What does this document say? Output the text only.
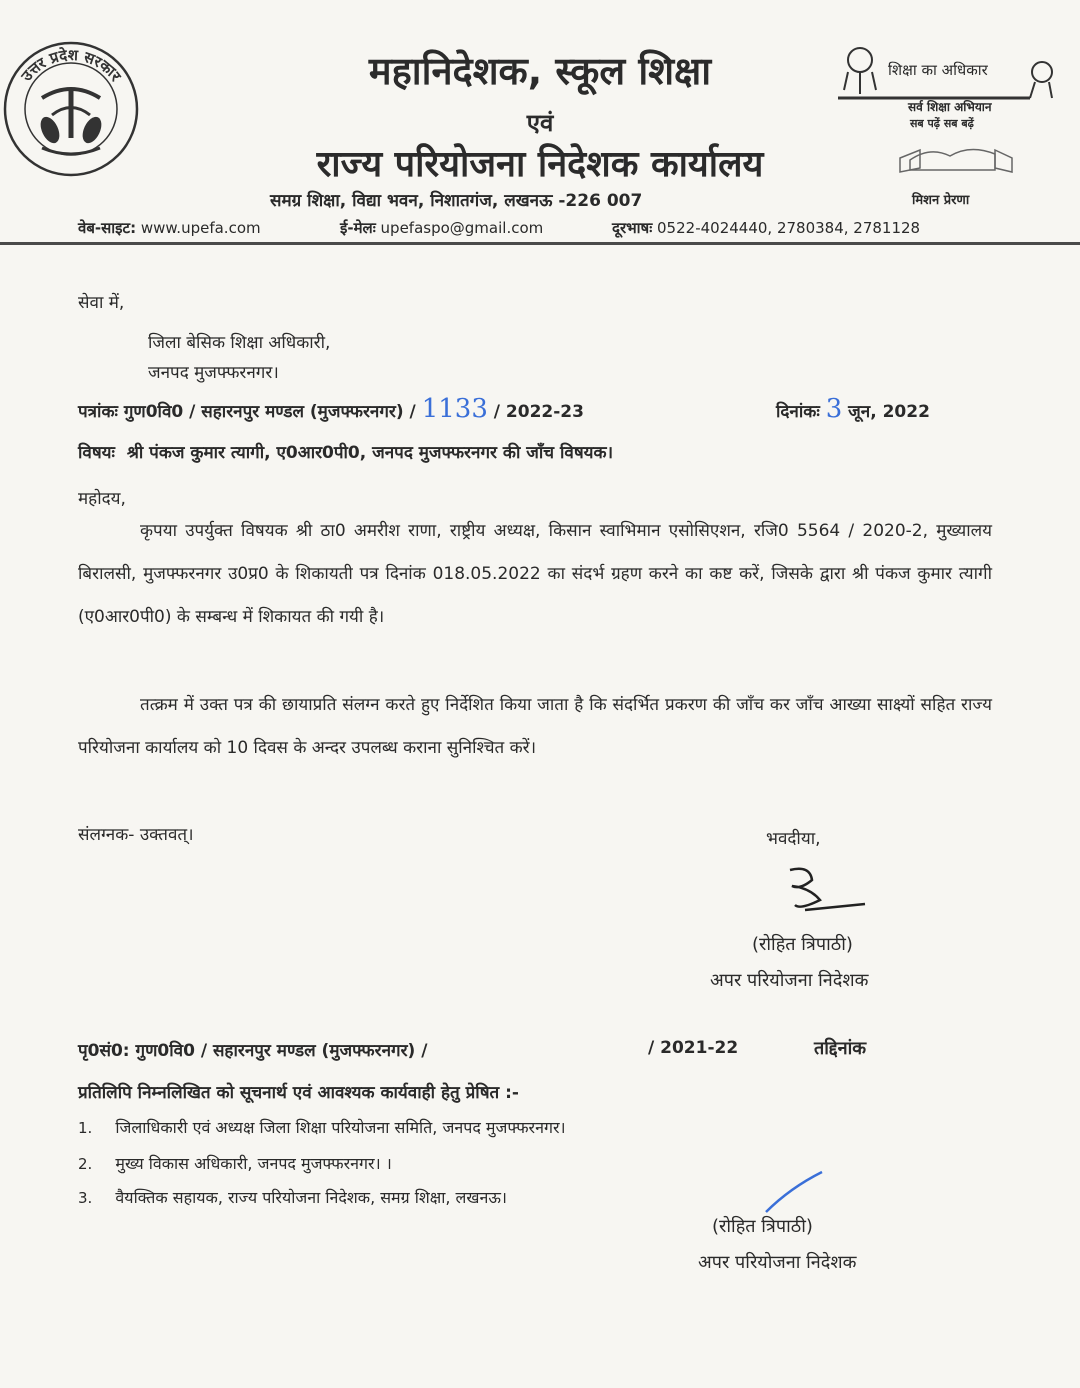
उत्तर प्रदेश सरकार	शिक्षा का अधिकार
सर्व शिक्षा अभियान
सब पढ़ें सब बढ़ें
मिशन प्रेरणा
महानिदेशक, स्कूल शिक्षा
एवं
राज्य परियोजना निदेशक कार्यालय
समग्र शिक्षा, विद्या भवन, निशातगंज, लखनऊ -226 007
वेब-साइट: www.upefa.com	ई-मेलः upefaspo@gmail.com	दूरभाषः 0522-4024440, 2780384, 2781128
सेवा में,
जिला बेसिक शिक्षा अधिकारी,
जनपद मुजफ्फरनगर।
पत्रांकः गुण0वि0 / सहारनपुर मण्डल (मुजफ्फरनगर) / 1133 / 2022-23	दिनांकः 3 जून, 2022
विषयः श्री पंकज कुमार त्यागी, ए0आर0पी0, जनपद मुजफ्फरनगर की जाँच विषयक।
महोदय,
कृपया उपर्युक्त विषयक श्री ठा0 अमरीश राणा, राष्ट्रीय अध्यक्ष, किसान स्वाभिमान एसोसिएशन, रजि0 5564 / 2020-2, मुख्यालय बिरालसी, मुजफ्फरनगर उ0प्र0 के शिकायती पत्र दिनांक 018.05.2022 का संदर्भ ग्रहण करने का कष्ट करें, जिसके द्वारा श्री पंकज कुमार त्यागी (ए0आर0पी0) के सम्बन्ध में शिकायत की गयी है।
तत्क्रम में उक्त पत्र की छायाप्रति संलग्न करते हुए निर्देशित किया जाता है कि संदर्भित प्रकरण की जाँच कर जाँच आख्या साक्ष्यों सहित राज्य परियोजना कार्यालय को 10 दिवस के अन्दर उपलब्ध कराना सुनिश्चित करें।
संलग्नक- उक्तवत्।	भवदीया,
(रोहित त्रिपाठी)
अपर परियोजना निदेशक
पृ0सं0: गुण0वि0 / सहारनपुर मण्डल (मुजफ्फरनगर) /	/ 2021-22	तद्दिनांक
प्रतिलिपि निम्नलिखित को सूचनार्थ एवं आवश्यक कार्यवाही हेतु प्रेषित :-
1. जिलाधिकारी एवं अध्यक्ष जिला शिक्षा परियोजना समिति, जनपद मुजफ्फरनगर।
2. मुख्य विकास अधिकारी, जनपद मुजफ्फरनगर। ।
3. वैयक्तिक सहायक, राज्य परियोजना निदेशक, समग्र शिक्षा, लखनऊ।
(रोहित त्रिपाठी)
अपर परियोजना निदेशक
